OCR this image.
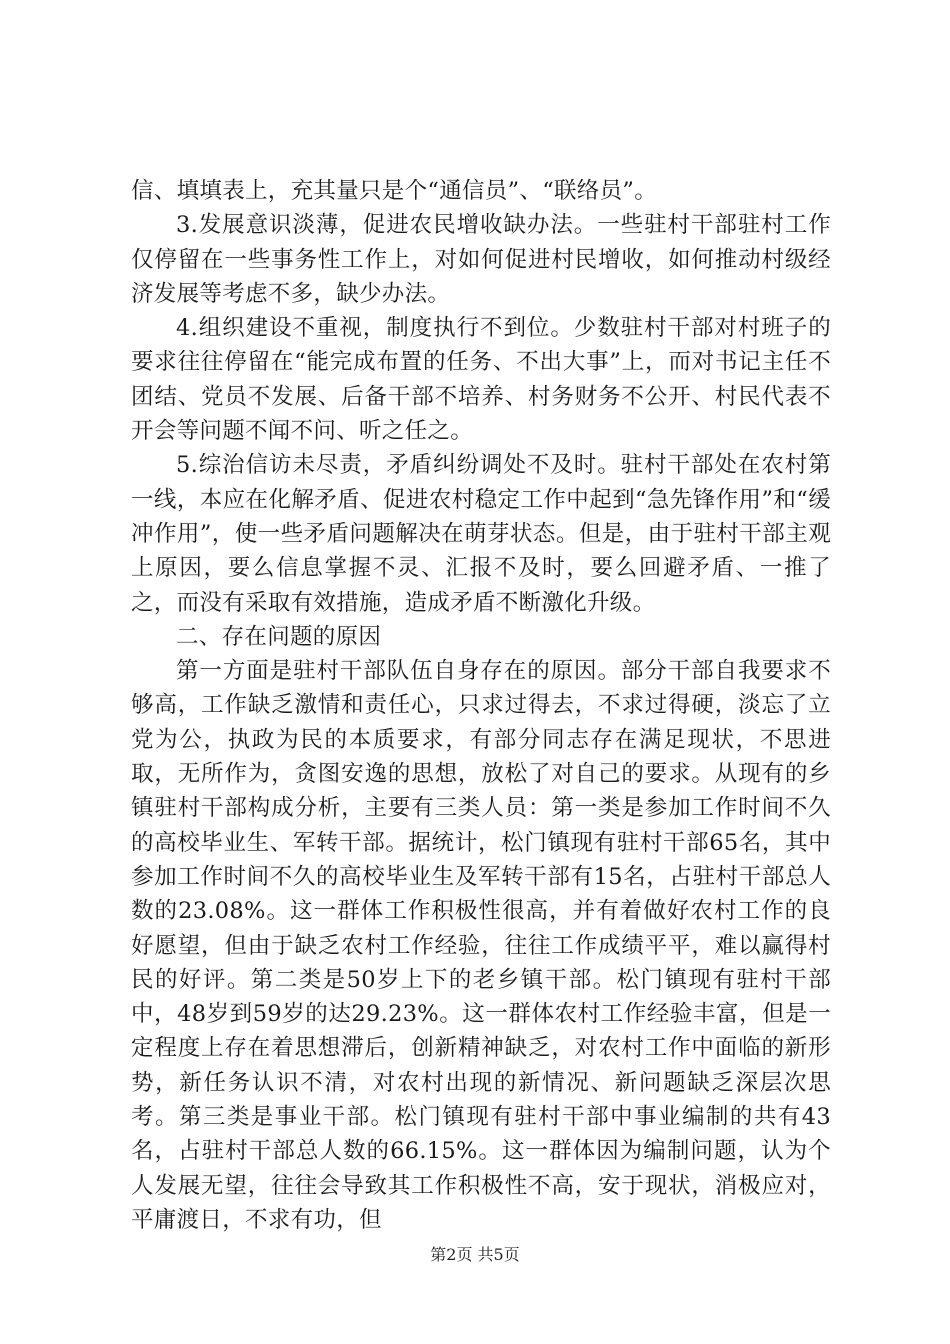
信、填填表上，充其量只是个“通信员”、“联络员”。

3.发展意识淡薄，促进农民增收缺办法。一些驻村干部驻村工作仅停留在一些事务性工作上，对如何促进村民增收，如何推动村级经济发展等考虑不多，缺少办法。

4.组织建设不重视，制度执行不到位。少数驻村干部对村班子的要求往往停留在“能完成布置的任务、不出大事”上，而对书记主任不团结、党员不发展、后备干部不培养、村务财务不公开、村民代表不开会等问题不闻不问、听之任之。

5.综治信访未尽责，矛盾纠纷调处不及时。驻村干部处在农村第一线，本应在化解矛盾、促进农村稳定工作中起到“急先锋作用”和“缓冲作用”，使一些矛盾问题解决在萌芽状态。但是，由于驻村干部主观上原因，要么信息掌握不灵、汇报不及时，要么回避矛盾、一推了之，而没有采取有效措施，造成矛盾不断激化升级。

二、存在问题的原因

第一方面是驻村干部队伍自身存在的原因。部分干部自我要求不够高，工作缺乏激情和责任心，只求过得去，不求过得硬，淡忘了立党为公，执政为民的本质要求，有部分同志存在满足现状，不思进取，无所作为，贪图安逸的思想，放松了对自己的要求。从现有的乡镇驻村干部构成分析，主要有三类人员：第一类是参加工作时间不久的高校毕业生、军转干部。据统计，松门镇现有驻村干部65名，其中参加工作时间不久的高校毕业生及军转干部有15名，占驻村干部总人数的23.08%。这一群体工作积极性很高，并有着做好农村工作的良好愿望，但由于缺乏农村工作经验，往往工作成绩平平，难以赢得村民的好评。第二类是50岁上下的老乡镇干部。松门镇现有驻村干部中，48岁到59岁的达29.23%。这一群体农村工作经验丰富，但是一定程度上存在着思想滞后，创新精神缺乏，对农村工作中面临的新形势，新任务认识不清，对农村出现的新情况、新问题缺乏深层次思考。第三类是事业干部。松门镇现有驻村干部中事业编制的共有43名，占驻村干部总人数的66.15%。这一群体因为编制问题，认为个人发展无望，往往会导致其工作积极性不高，安于现状，消极应对，平庸渡日，不求有功，但

第2页 共5页
